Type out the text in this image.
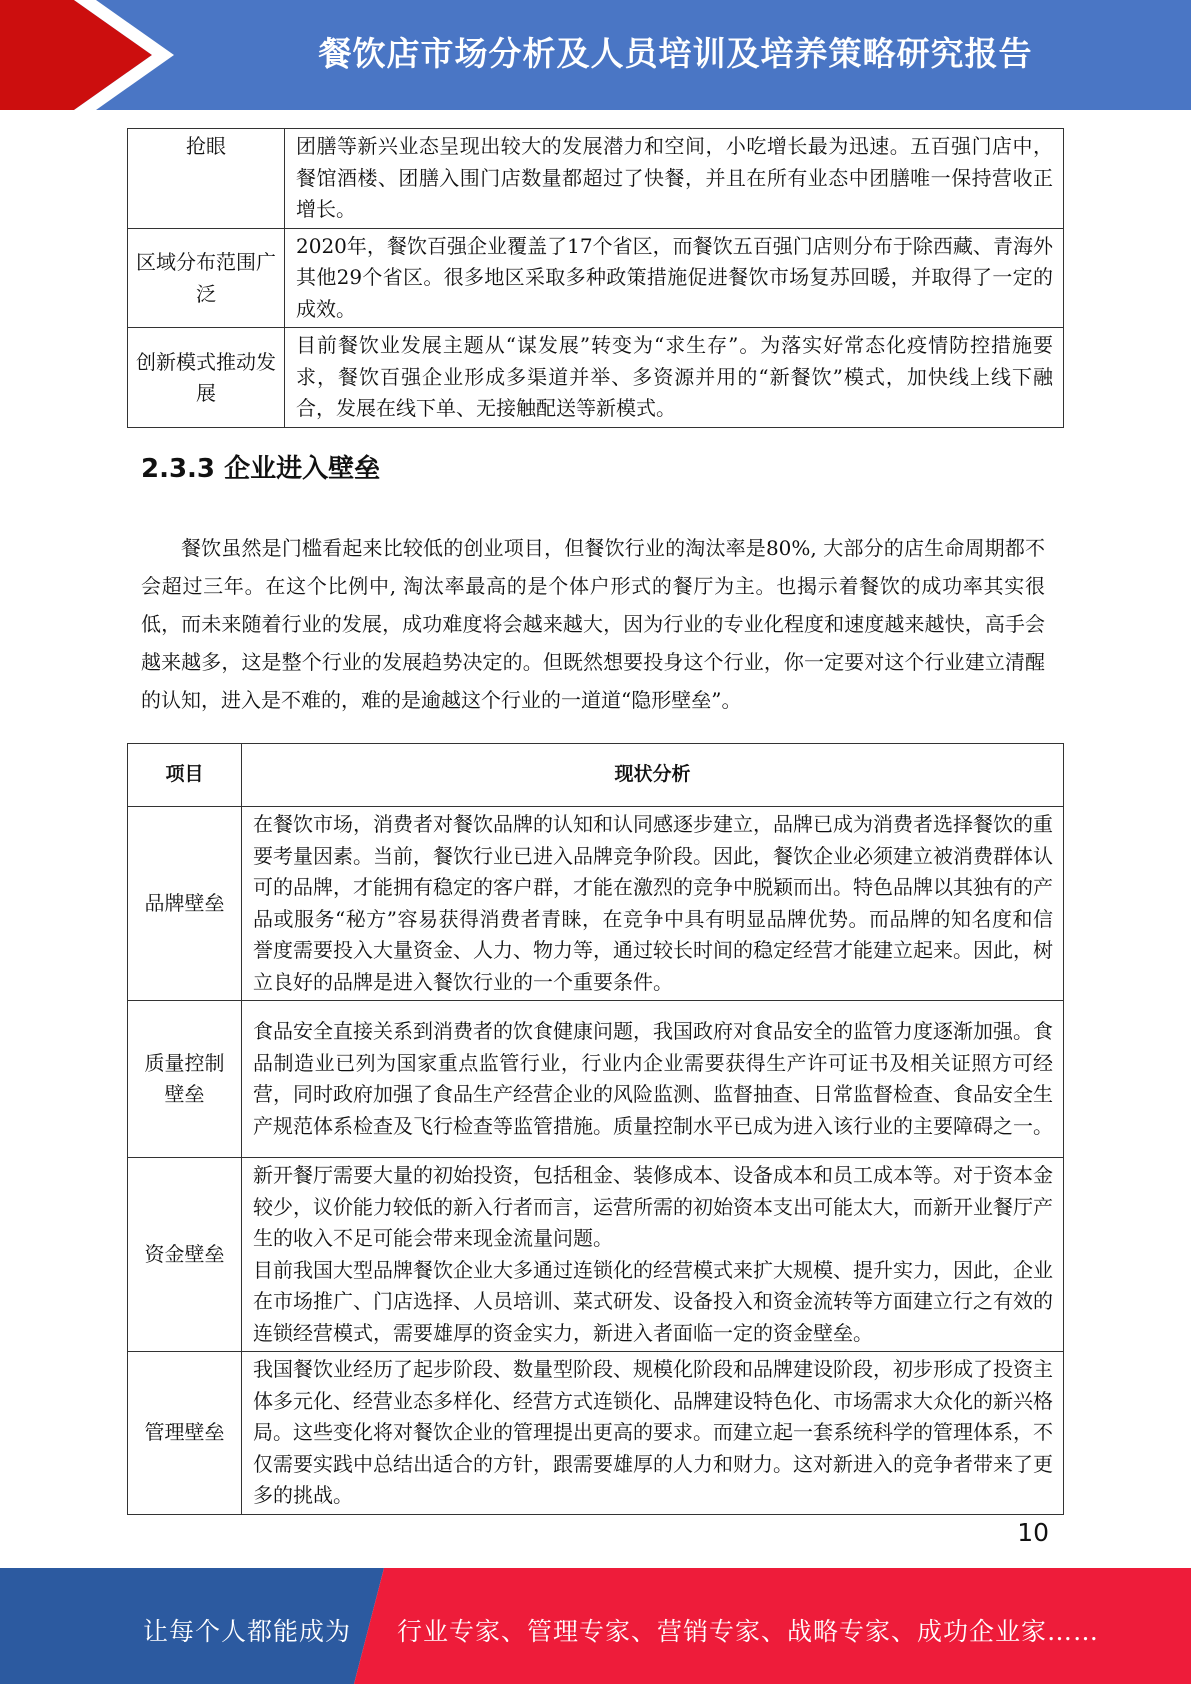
餐饮店市场分析及人员培训及培养策略研究报告
抢眼	团膳等新兴业态呈现出较大的发展潜力和空间，小吃增长最为迅速。五百强门店中，餐馆酒楼、团膳入围门店数量都超过了快餐，并且在所有业态中团膳唯一保持营收正增长。
区域分布范围广泛	2020年，餐饮百强企业覆盖了17个省区，而餐饮五百强门店则分布于除西藏、青海外其他29个省区。很多地区采取多种政策措施促进餐饮市场复苏回暖，并取得了一定的成效。
创新模式推动发展	目前餐饮业发展主题从“谋发展”转变为“求生存”。为落实好常态化疫情防控措施要求，餐饮百强企业形成多渠道并举、多资源并用的“新餐饮”模式，加快线上线下融合，发展在线下单、无接触配送等新模式。
2.3.3 企业进入壁垒

餐饮虽然是门槛看起来比较低的创业项目，但餐饮行业的淘汰率是80%, 大部分的店生命周期都不会超过三年。在这个比例中, 淘汰率最高的是个体户形式的餐厅为主。也揭示着餐饮的成功率其实很低，而未来随着行业的发展，成功难度将会越来越大，因为行业的专业化程度和速度越来越快，高手会越来越多，这是整个行业的发展趋势决定的。但既然想要投身这个行业，你一定要对这个行业建立清醒的认知，进入是不难的，难的是逾越这个行业的一道道“隐形壁垒”。

项目	现状分析
品牌壁垒	在餐饮市场，消费者对餐饮品牌的认知和认同感逐步建立，品牌已成为消费者选择餐饮的重要考量因素。当前，餐饮行业已进入品牌竞争阶段。因此，餐饮企业必须建立被消费群体认可的品牌，才能拥有稳定的客户群，才能在激烈的竞争中脱颖而出。特色品牌以其独有的产品或服务“秘方”容易获得消费者青睐，在竞争中具有明显品牌优势。而品牌的知名度和信誉度需要投入大量资金、人力、物力等，通过较长时间的稳定经营才能建立起来。因此，树立良好的品牌是进入餐饮行业的一个重要条件。
质量控制壁垒	食品安全直接关系到消费者的饮食健康问题，我国政府对食品安全的监管力度逐渐加强。食品制造业已列为国家重点监管行业，行业内企业需要获得生产许可证书及相关证照方可经营，同时政府加强了食品生产经营企业的风险监测、监督抽查、日常监督检查、食品安全生产规范体系检查及飞行检查等监管措施。质量控制水平已成为进入该行业的主要障碍之一。
资金壁垒	新开餐厅需要大量的初始投资，包括租金、装修成本、设备成本和员工成本等。对于资本金较少，议价能力较低的新入行者而言，运营所需的初始资本支出可能太大，而新开业餐厅产生的收入不足可能会带来现金流量问题。
目前我国大型品牌餐饮企业大多通过连锁化的经营模式来扩大规模、提升实力，因此，企业在市场推广、门店选择、人员培训、菜式研发、设备投入和资金流转等方面建立行之有效的连锁经营模式，需要雄厚的资金实力，新进入者面临一定的资金壁垒。

管理壁垒	我国餐饮业经历了起步阶段、数量型阶段、规模化阶段和品牌建设阶段，初步形成了投资主体多元化、经营业态多样化、经营方式连锁化、品牌建设特色化、市场需求大众化的新兴格局。这些变化将对餐饮企业的管理提出更高的要求。而建立起一套系统科学的管理体系，不仅需要实践中总结出适合的方针，跟需要雄厚的人力和财力。这对新进入的竞争者带来了更多的挑战。
10
让每个人都能成为 行业专家、管理专家、营销专家、战略专家、成功企业家……
